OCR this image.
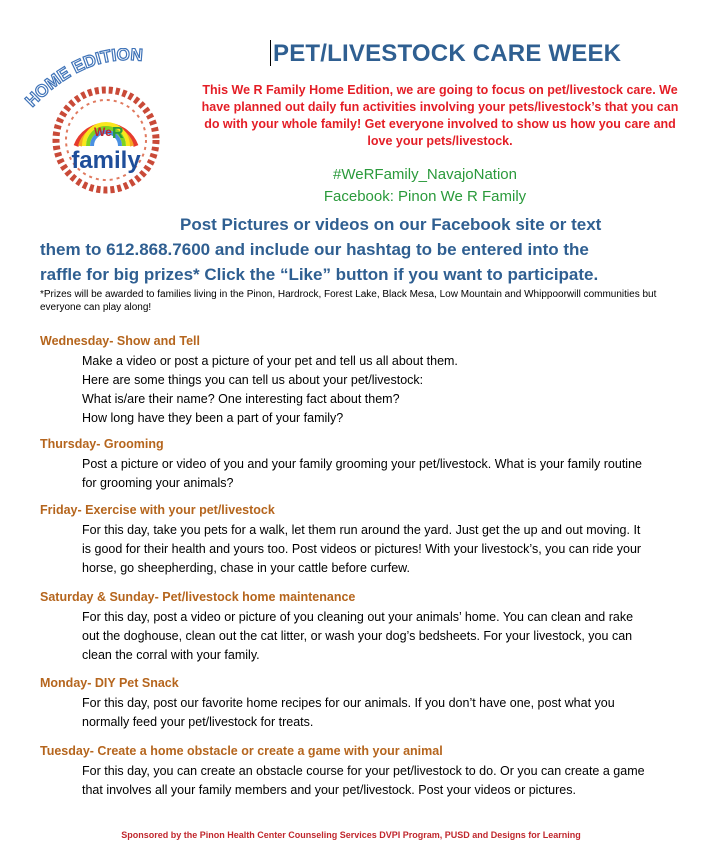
HOME EDITION
We R
family
PET/LIVESTOCK CARE WEEK
This We R Family Home Edition, we are going to focus on pet/livestock care. We have planned out daily fun activities involving your pets/livestock’s that you can do with your whole family! Get everyone involved to show us how you care and love your pets/livestock.
#WeRFamily_NavajoNation
Facebook: Pinon We R Family
Post Pictures or videos on our Facebook site or text
them to 612.868.7600 and include our hashtag to be entered into the
raffle for big prizes* Click the “Like” button if you want to participate.
*Prizes will be awarded to families living in the Pinon, Hardrock, Forest Lake, Black Mesa, Low Mountain and Whippoorwill communities but everyone can play along!
Wednesday- Show and Tell

Make a video or post a picture of your pet and tell us all about them.
Here are some things you can tell us about your pet/livestock:
What is/are their name? One interesting fact about them?
How long have they been a part of your family?

Thursday- Grooming

Post a picture or video of you and your family grooming your pet/livestock. What is your family routine
for grooming your animals?

Friday- Exercise with your pet/livestock

For this day, take you pets for a walk, let them run around the yard. Just get the up and out moving. It
is good for their health and yours too. Post videos or pictures! With your livestock’s, you can ride your
horse, go sheepherding, chase in your cattle before curfew.

Saturday & Sunday- Pet/livestock home maintenance

For this day, post a video or picture of you cleaning out your animals’ home. You can clean and rake
out the doghouse, clean out the cat litter, or wash your dog’s bedsheets. For your livestock, you can
clean the corral with your family.

Monday- DIY Pet Snack

For this day, post our favorite home recipes for our animals. If you don’t have one, post what you
normally feed your pet/livestock for treats.

Tuesday- Create a home obstacle or create a game with your animal

For this day, you can create an obstacle course for your pet/livestock to do. Or you can create a game
that involves all your family members and your pet/livestock. Post your videos or pictures.

Sponsored by the Pinon Health Center Counseling Services DVPI Program, PUSD and Designs for Learning
